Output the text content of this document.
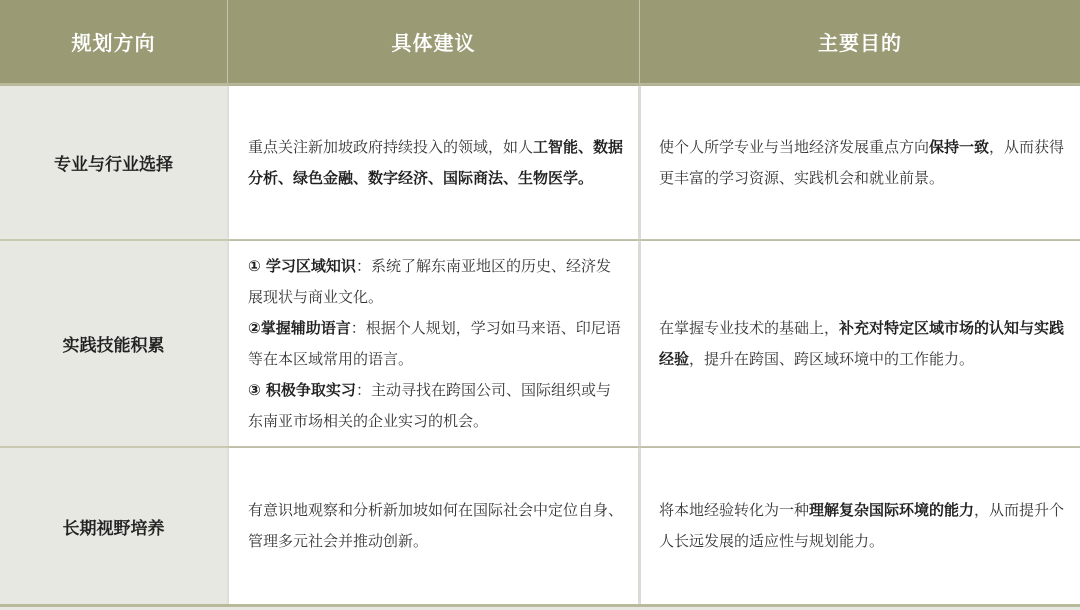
规划方向	具体建议	主要目的
专业与行业选择
重点关注新加坡政府持续投入的领域，如人工智能、数据分析、绿色金融、数字经济、国际商法、生物医学。
使个人所学专业与当地经济发展重点方向保持一致，从而获得更丰富的学习资源、实践机会和就业前景。
实践技能积累
① 学习区域知识：系统了解东南亚地区的历史、经济发展现状与商业文化。
②掌握辅助语言：根据个人规划，学习如马来语、印尼语等在本区域常用的语言。
③ 积极争取实习：主动寻找在跨国公司、国际组织或与东南亚市场相关的企业实习的机会。
在掌握专业技术的基础上，补充对特定区域市场的认知与实践经验，提升在跨国、跨区域环境中的工作能力。
长期视野培养
有意识地观察和分析新加坡如何在国际社会中定位自身、管理多元社会并推动创新。
将本地经验转化为一种理解复杂国际环境的能力，从而提升个人长远发展的适应性与规划能力。
